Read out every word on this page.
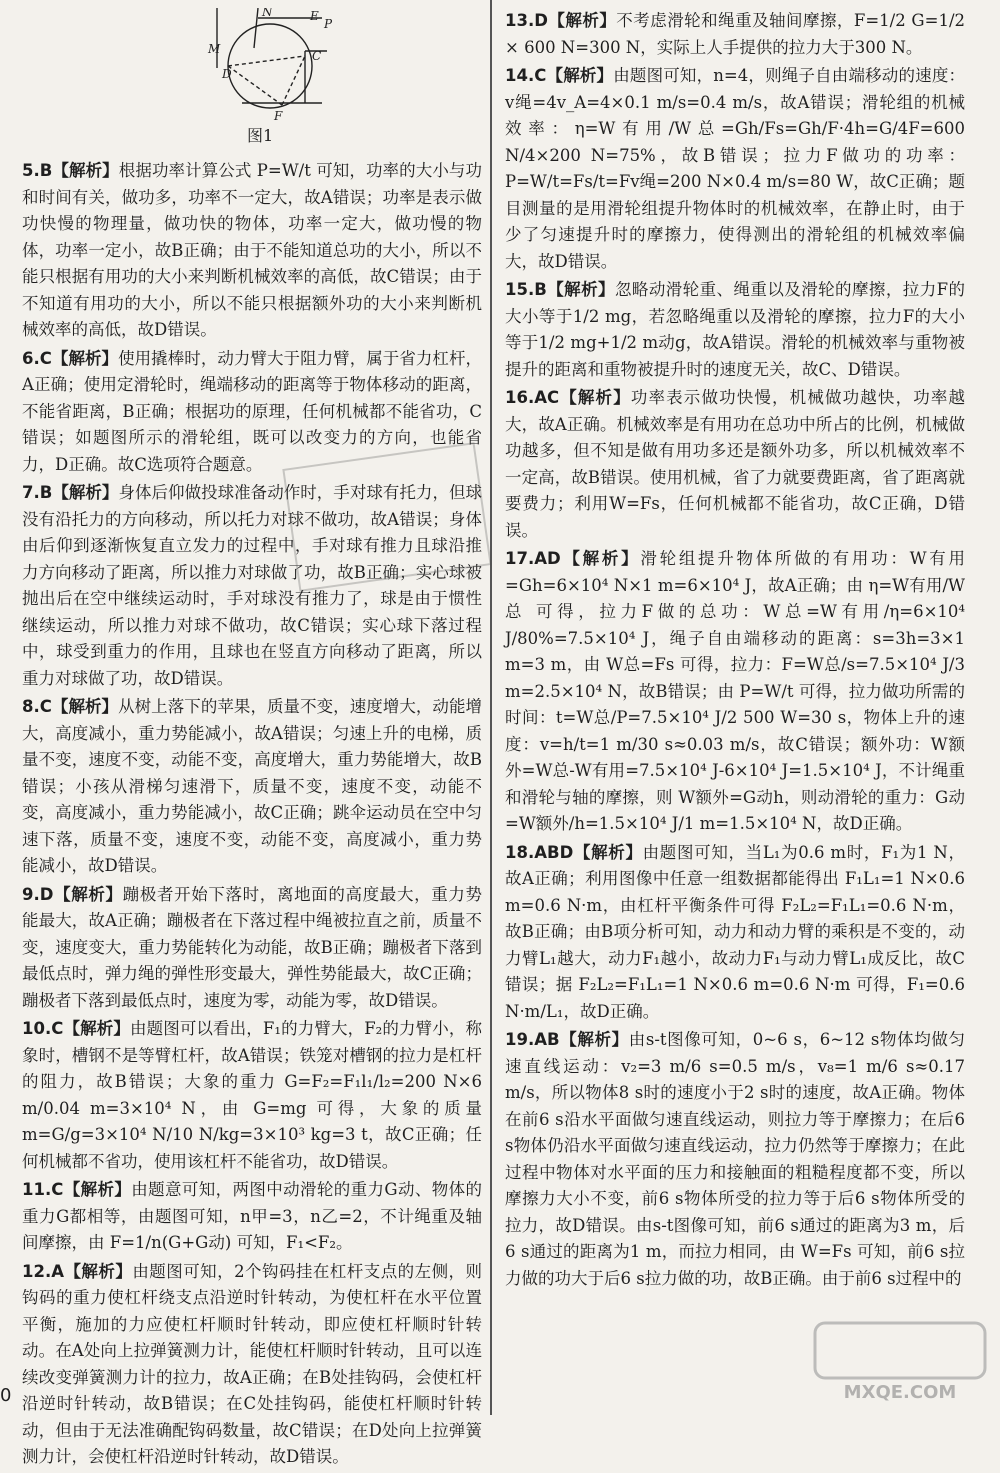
N	E
P
M
D
C
F
图1

5.B【解析】根据功率计算公式 P=W/t 可知，功率的大小与功和时间有关，做功多，功率不一定大，故A错误；功率是表示做功快慢的物理量，做功快的物体，功率一定大，做功慢的物体，功率一定小，故B正确；由于不能知道总功的大小，所以不能只根据有用功的大小来判断机械效率的高低，故C错误；由于不知道有用功的大小，所以不能只根据额外功的大小来判断机械效率的高低，故D错误。

6.C【解析】使用撬棒时，动力臂大于阻力臂，属于省力杠杆，A正确；使用定滑轮时，绳端移动的距离等于物体移动的距离，不能省距离，B正确；根据功的原理，任何机械都不能省功，C错误；如题图所示的滑轮组，既可以改变力的方向，也能省力，D正确。故C选项符合题意。

7.B【解析】身体后仰做投球准备动作时，手对球有托力，但球没有沿托力的方向移动，所以托力对球不做功，故A错误；身体由后仰到逐渐恢复直立发力的过程中，手对球有推力且球沿推力方向移动了距离，所以推力对球做了功，故B正确；实心球被抛出后在空中继续运动时，手对球没有推力了，球是由于惯性继续运动，所以推力对球不做功，故C错误；实心球下落过程中，球受到重力的作用，且球也在竖直方向移动了距离，所以重力对球做了功，故D错误。

8.C【解析】从树上落下的苹果，质量不变，速度增大，动能增大，高度减小，重力势能减小，故A错误；匀速上升的电梯，质量不变，速度不变，动能不变，高度增大，重力势能增大，故B错误；小孩从滑梯匀速滑下，质量不变，速度不变，动能不变，高度减小，重力势能减小，故C正确；跳伞运动员在空中匀速下落，质量不变，速度不变，动能不变，高度减小，重力势能减小，故D错误。

9.D【解析】蹦极者开始下落时，离地面的高度最大，重力势能最大，故A正确；蹦极者在下落过程中绳被拉直之前，质量不变，速度变大，重力势能转化为动能，故B正确；蹦极者下落到最低点时，弹力绳的弹性形变最大，弹性势能最大，故C正确；蹦极者下落到最低点时，速度为零，动能为零，故D错误。

10.C【解析】由题图可以看出，F₁的力臂大，F₂的力臂小，称象时，槽钢不是等臂杠杆，故A错误；铁笼对槽钢的拉力是杠杆的阻力，故B错误；大象的重力 G=F₂=F₁l₁/l₂=200 N×6 m/0.04 m=3×10⁴ N，由 G=mg 可得，大象的质量 m=G/g=3×10⁴ N/10 N/kg=3×10³ kg=3 t，故C正确；任何机械都不省功，使用该杠杆不能省功，故D错误。

11.C【解析】由题意可知，两图中动滑轮的重力G动、物体的重力G都相等，由题图可知，n甲=3，n乙=2，不计绳重及轴间摩擦，由 F=1/n(G+G动) 可知，F₁<F₂。

12.A【解析】由题图可知，2个钩码挂在杠杆支点的左侧，则钩码的重力使杠杆绕支点沿逆时针转动，为使杠杆在水平位置平衡，施加的力应使杠杆顺时针转动，即应使杠杆顺时针转动。在A处向上拉弹簧测力计，能使杠杆顺时针转动，且可以连续改变弹簧测力计的拉力，故A正确；在B处挂钩码，会使杠杆沿逆时针转动，故B错误；在C处挂钩码，能使杠杆顺时针转动，但由于无法准确配钩码数量，故C错误；在D处向上拉弹簧测力计，会使杠杆沿逆时针转动，故D错误。

13.D【解析】不考虑滑轮和绳重及轴间摩擦，F=1/2 G=1/2 × 600 N=300 N，实际上人手提供的拉力大于300 N。

14.C【解析】由题图可知，n=4，则绳子自由端移动的速度：v绳=4v_A=4×0.1 m/s=0.4 m/s，故A错误；滑轮组的机械效率：η=W有用/W总=Gh/Fs=Gh/F·4h=G/4F=600 N/4×200 N=75%，故B错误；拉力F做功的功率：P=W/t=Fs/t=Fv绳=200 N×0.4 m/s=80 W，故C正确；题目测量的是用滑轮组提升物体时的机械效率，在静止时，由于少了匀速提升时的摩擦力，使得测出的滑轮组的机械效率偏大，故D错误。

15.B【解析】忽略动滑轮重、绳重以及滑轮的摩擦，拉力F的大小等于1/2 mg，若忽略绳重以及滑轮的摩擦，拉力F的大小等于1/2 mg+1/2 m动g，故A错误。滑轮的机械效率与重物被提升的距离和重物被提升时的速度无关，故C、D错误。

16.AC【解析】功率表示做功快慢，机械做功越快，功率越大，故A正确。机械效率是有用功在总功中所占的比例，机械做功越多，但不知是做有用功多还是额外功多，所以机械效率不一定高，故B错误。使用机械，省了力就要费距离，省了距离就要费力；利用W=Fs，任何机械都不能省功，故C正确，D错误。

17.AD【解析】滑轮组提升物体所做的有用功：W有用=Gh=6×10⁴ N×1 m=6×10⁴ J，故A正确；由 η=W有用/W总 可得，拉力F做的总功：W总=W有用/η=6×10⁴ J/80%=7.5×10⁴ J，绳子自由端移动的距离：s=3h=3×1 m=3 m，由 W总=Fs 可得，拉力：F=W总/s=7.5×10⁴ J/3 m=2.5×10⁴ N，故B错误；由 P=W/t 可得，拉力做功所需的时间：t=W总/P=7.5×10⁴ J/2 500 W=30 s，物体上升的速度：v=h/t=1 m/30 s≈0.03 m/s，故C错误；额外功：W额外=W总-W有用=7.5×10⁴ J-6×10⁴ J=1.5×10⁴ J，不计绳重和滑轮与轴的摩擦，则 W额外=G动h，则动滑轮的重力：G动=W额外/h=1.5×10⁴ J/1 m=1.5×10⁴ N，故D正确。

18.ABD【解析】由题图可知，当L₁为0.6 m时，F₁为1 N，故A正确；利用图像中任意一组数据都能得出 F₁L₁=1 N×0.6 m=0.6 N·m，由杠杆平衡条件可得 F₂L₂=F₁L₁=0.6 N·m，故B正确；由B项分析可知，动力和动力臂的乘积是不变的，动力臂L₁越大，动力F₁越小，故动力F₁与动力臂L₁成反比，故C错误；据 F₂L₂=F₁L₁=1 N×0.6 m=0.6 N·m 可得，F₁=0.6 N·m/L₁，故D正确。

19.AB【解析】由s-t图像可知，0~6 s，6~12 s物体均做匀速直线运动：v₂=3 m/6 s=0.5 m/s，v₈=1 m/6 s≈0.17 m/s，所以物体8 s时的速度小于2 s时的速度，故A正确。物体在前6 s沿水平面做匀速直线运动，则拉力等于摩擦力；在后6 s物体仍沿水平面做匀速直线运动，拉力仍然等于摩擦力；在此过程中物体对水平面的压力和接触面的粗糙程度都不变，所以摩擦力大小不变，前6 s物体所受的拉力等于后6 s物体所受的拉力，故D错误。由s-t图像可知，前6 s通过的距离为3 m，后6 s通过的距离为1 m，而拉力相同，由 W=Fs 可知，前6 s拉力做的功大于后6 s拉力做的功，故B正确。由于前6 s过程中的

0	MXQE.COM
